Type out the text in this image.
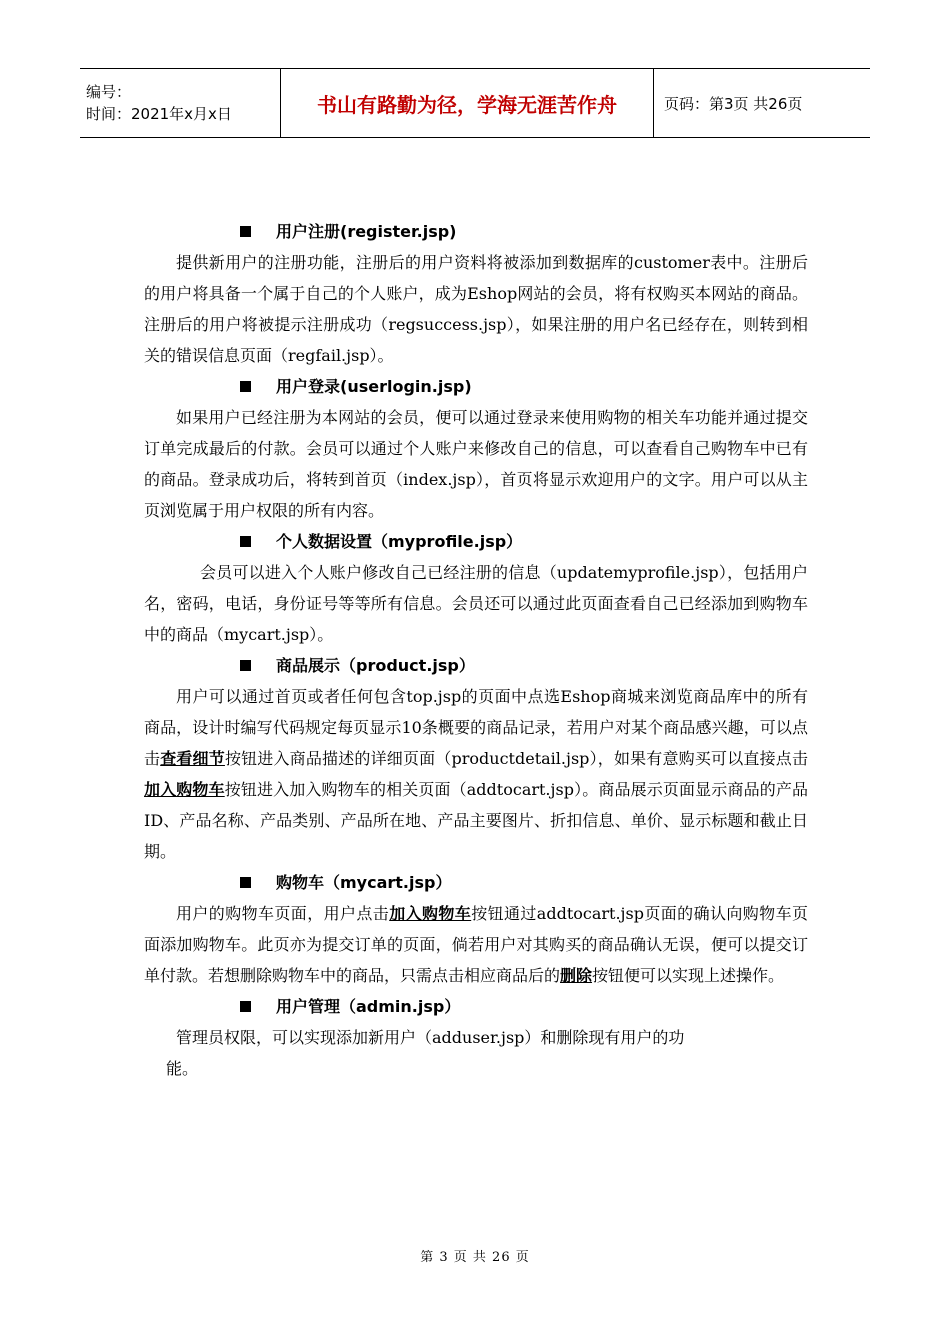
编号：
时间：2021年x月x日	书山有路勤为径，学海无涯苦作舟	页码：第3页 共26页
用户注册(register.jsp)

提供新用户的注册功能，注册后的用户资料将被添加到数据库的customer表中。注册后的用户将具备一个属于自己的个人账户，成为Eshop网站的会员，将有权购买本网站的商品。注册后的用户将被提示注册成功（regsuccess.jsp），如果注册的用户名已经存在，则转到相关的错误信息页面（regfail.jsp）。

用户登录(userlogin.jsp)

如果用户已经注册为本网站的会员，便可以通过登录来使用购物的相关车功能并通过提交订单完成最后的付款。会员可以通过个人账户来修改自己的信息，可以查看自己购物车中已有的商品。登录成功后，将转到首页（index.jsp），首页将显示欢迎用户的文字。用户可以从主页浏览属于用户权限的所有内容。

个人数据设置（myprofile.jsp）

会员可以进入个人账户修改自己已经注册的信息（updatemyprofile.jsp），包括用户名，密码，电话，身份证号等等所有信息。会员还可以通过此页面查看自己已经添加到购物车中的商品（mycart.jsp）。

商品展示（product.jsp）

用户可以通过首页或者任何包含top.jsp的页面中点选Eshop商城来浏览商品库中的所有商品，设计时编写代码规定每页显示10条概要的商品记录，若用户对某个商品感兴趣，可以点击查看细节按钮进入商品描述的详细页面（productdetail.jsp），如果有意购买可以直接点击加入购物车按钮进入加入购物车的相关页面（addtocart.jsp）。商品展示页面显示商品的产品ID、产品名称、产品类别、产品所在地、产品主要图片、折扣信息、单价、显示标题和截止日期。

购物车（mycart.jsp）

用户的购物车页面，用户点击加入购物车按钮通过addtocart.jsp页面的确认向购物车页面添加购物车。此页亦为提交订单的页面，倘若用户对其购买的商品确认无误，便可以提交订单付款。若想删除购物车中的商品，只需点击相应商品后的删除按钮便可以实现上述操作。

用户管理（admin.jsp）

管理员权限，可以实现添加新用户（adduser.jsp）和删除现有用户的功

能。
第 3 页 共 26 页
